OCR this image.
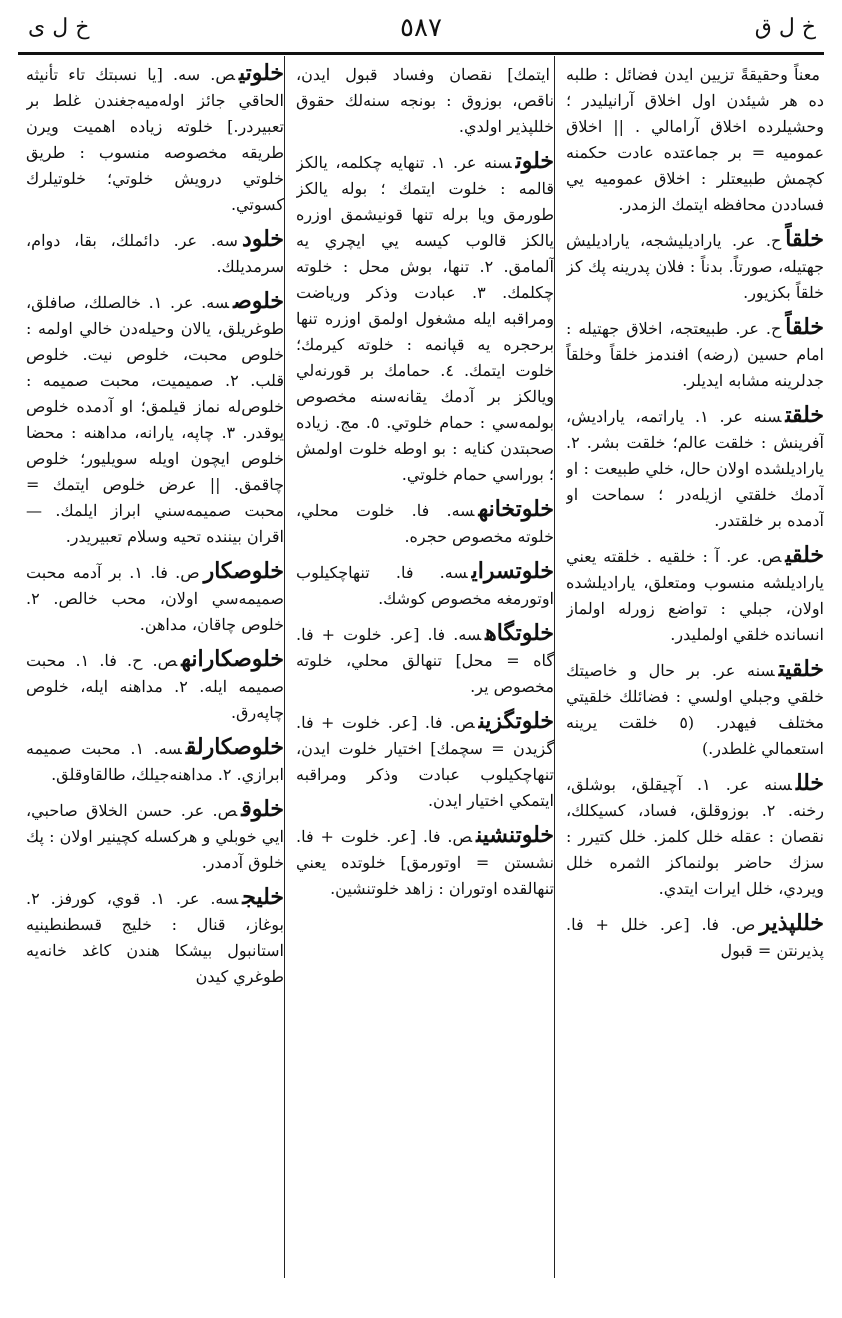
خ ل ق
٥٨٧
خ ل ی
معناً وحقيقةً تزيين ايدن فضائل : طلبه ده هر شيئدن اول اخلاق آرانيليدر ؛ وحشيلرده اخلاق آرامالي . || اخلاق عموميه = بر جماعتده عادت حكمنه كچمش طبيعتلر : اخلاق عموميه يي فساددن محافظه ايتمك الزمدر.
خلقاًح. عر. ياراديليشجه، يارا‌ديليش جهتيله، صورتاً. بدناً : فلان پدرينه پك‌ كز خلقاً بكزيور.
خلقاًح. عر. طبيعتجه، اخلاق جهتيله : امام حسين (رضه) افندمز خلقاً وخلقاً جدلرينه مشابه ايديلر.
خلقتسنه عر. ١. ياراتمه، يارا‌ديش، آفرينش : خلقت عالم؛ خلقت بشر. ٢. يارا‌ديلشده اولان حال، خلي طبيعت : او آدمك خلقتي ازيله‌در ؛ سماحت او آدمده بر خلقتدر.
خلقيص. عر. آ : خلقيه . خلقته يعني يارا‌ديلشه منسوب ومتعلق، يارا‌ديلشده اولان، جبلي : تواضع زورله اولماز انسانده خلقي اولمليدر.
خلقيتسنه عر. بر حال و خاصيتك خلقي وجبلي اولسي : فضائلك خلقيتي مختلف فيهدر. (٥ خلقت يرينه استعمالي غلطدر.)
خللسنه عر. ١. آچيقلق، بوشلق، رخنه. ٢. بوزوقلق، فساد، كسيكلك، نقصان : عقله خلل كلمز. خلل كتيرر : سزك حاضر بولنماكز الثمره خلل ويردي، خلل ايرات ايتدي.
خللپذيرص. فا. [عر. خلل + فا. پذيرنتن = قبول
ايتمك] نقصان وفساد قبول ايدن، ناقص، بوزوق : بونجه سنه‌لك حقوق خللپذير اولدي.
خلوتسنه عر. ١. تنهايه چكلمه، يالكز قالمه : خلوت ايتمك ؛ بوله يالكز طورمق ويا برله تنها قونيشمق اوزره يالكز قالوب كيسه يي ايچري يه آلمامق. ٢. تنها، بوش محل : خلوته چكلمك. ٣. عبادت وذكر ورياضت ومراقبه ايله مشغول اولمق اوزره تنها برحجره يه قپانمه : خلوته كيرمك؛ خلوت ايتمك. ٤. حمامك بر قورنه‌لي ويالكز بر آدمك يقانه‌سنه مخصوص بولمه‌سي : حمام خلوتي. ٥. مج. زياده صحبتدن كنايه : بو اوطه خلوت اولمش ؛ بوراسي حمام خلوتي.
خلوتخانهسه. فا. خلوت محلي، خلوته مخصوص حجره.
خلوتسرايسه. فا. تنهاچكيلوب اوتورمغه مخصوص كوشك.
خلوتگاهسه. فا. [عر. خلوت + فا. گاه = محل] تنهالق محلي، خلوته مخصوص ير.
خلوتگزينص. فا. [عر. خلوت + فا. گزيدن = سچمك] اختيار خلوت ايدن، تنهاچكيلوب عبادت وذكر ومراقبه ايتمكي اختيار ايدن.
خلوتنشينص. فا. [عر. خلوت + فا. نشستن = او‌تورمق] خلوتده يعني تنهالقده او‌توران : زاهد خلوتنشين.
خلوتيص. سه. [يا نسبتك تاء تأنيثه الحاقي جائز اوله‌ميه‌جغندن غلط بر تعبيردر.] خلوته زياده اهميت ويرن طريقه مخصوصه منسوب : طريق خلوتي درويش خلوتي؛ خلوتيلرك كسوتي.
خلودسه. عر. دائملك، بقا، دوام، سرمديلك.
خلوصسه. عر. ١. خالصلك، صافلق، طوغريلق، يالان وحيله‌دن خالي اولمه : خلوص محبت، خلوص نيت. خلوص قلب. ٢. صميميت، محبت صميمه : خلوص‌له نماز قيلمق؛ او آدمده خلوص يوقدر. ٣. چاپه، يارانه، مداهنه : محضا خلوص ايچون او‌يله سويليور؛ خلوص چاقمق. || عرض خلوص ايتمك = محبت صميمه‌سني ابراز ايلمك. — اقران بيننده تحيه وسلام تعبيريدر.
خلوصكارص. فا. ١. بر آدمه محبت صميمه‌سي اولان، محب خالص. ٢. خلوص چاقان، مداهن.
خلوصكارانهص. ح. فا. ١. محبت صميمه ايله. ٢. مداهنه ايله، خلوص چاپه‌رق.
خلوصكارلقسه. ١. محبت صميمه ابرازي. ٢. مداهنه‌جيلك، طالقاوقلق.
خلوقص. عر. حسن الخلاق صاحبي، ايي خوبلي و هركسله كچينير اولان : پك خلوق آدمدر.
خليجسه. عر. ١. قوي، كورفز. ٢. بوغاز، قنال : خليج قسطنطينيه استانبول بيشكا هندن كاغد خانه‌يه طوغري كيدن
